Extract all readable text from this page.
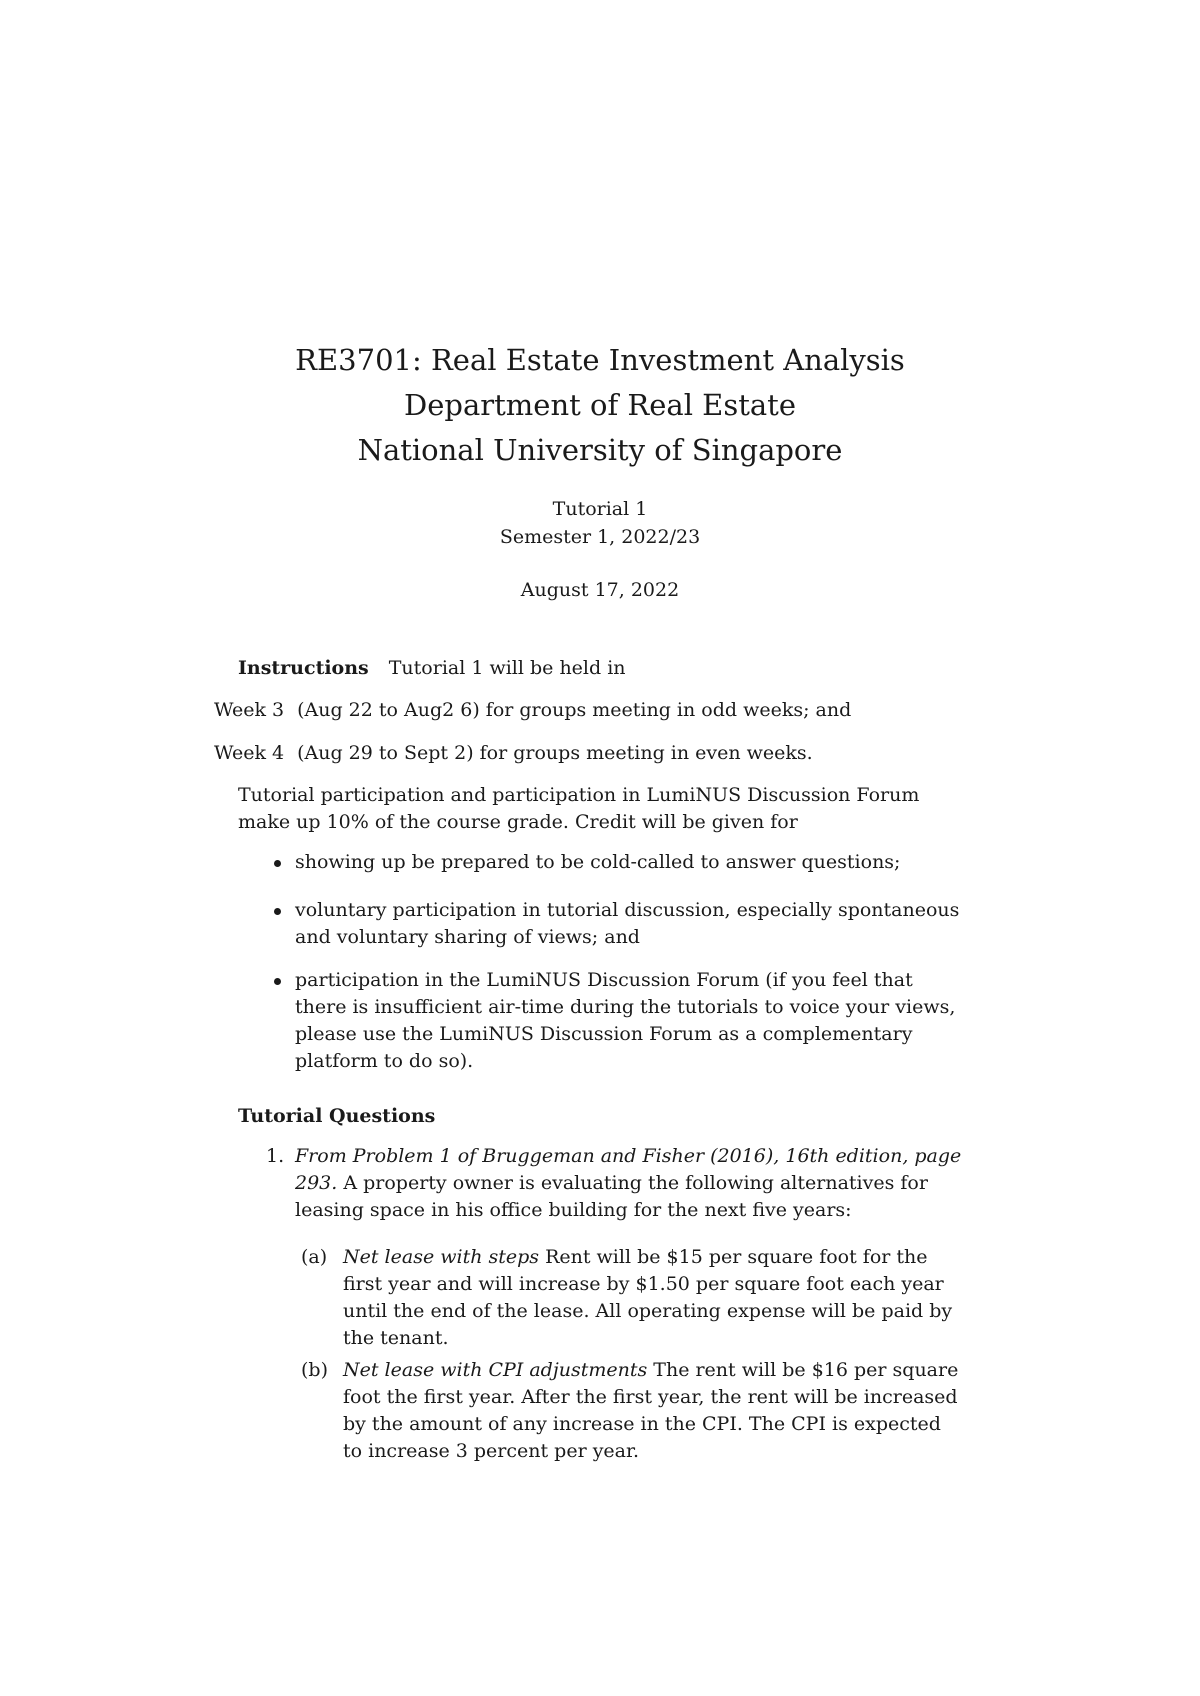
RE3701: Real Estate Investment Analysis
Department of Real Estate
National University of Singapore
Tutorial 1
Semester 1, 2022/23
August 17, 2022
Instructions Tutorial 1 will be held in
Week 3 (Aug 22 to Aug2 6) for groups meeting in odd weeks; and
Week 4 (Aug 29 to Sept 2) for groups meeting in even weeks.
Tutorial participation and participation in LumiNUS Discussion Forum make up 10% of the course grade. Credit will be given for
showing up be prepared to be cold-called to answer questions;
voluntary participation in tutorial discussion, especially spontaneous and voluntary sharing of views; and
participation in the LumiNUS Discussion Forum (if you feel that there is insufficient air-time during the tutorials to voice your views, please use the LumiNUS Discussion Forum as a complementary platform to do so).
Tutorial Questions
1. From Problem 1 of Bruggeman and Fisher (2016), 16th edition, page 293. A property owner is evaluating the following alternatives for leasing space in his office building for the next five years:
(a) Net lease with steps Rent will be $15 per square foot for the first year and will increase by $1.50 per square foot each year until the end of the lease. All operating expense will be paid by the tenant.
(b) Net lease with CPI adjustments The rent will be $16 per square foot the first year. After the first year, the rent will be increased by the amount of any increase in the CPI. The CPI is expected to increase 3 percent per year.
